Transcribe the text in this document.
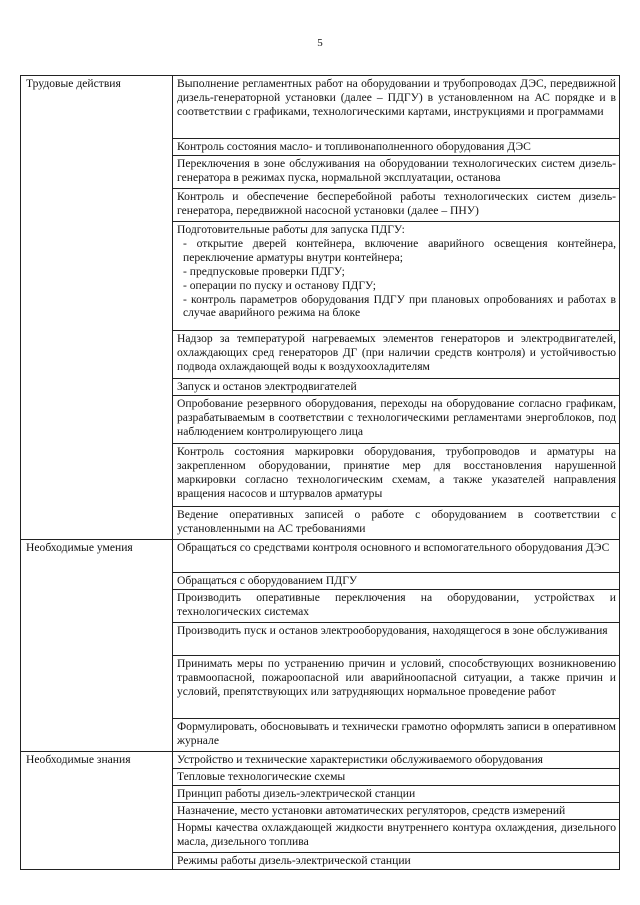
5
Трудовые действия	Выполнение регламентных работ на оборудовании и трубопроводах ДЭС, передвижной дизель-генераторной установки (далее – ПДГУ) в установленном на АС порядке и в соответствии с графиками, технологическими картами, инструкциями и программами
	Контроль состояния масло- и топливонаполненного оборудования ДЭС
	Переключения в зоне обслуживания на оборудовании технологических систем дизель-генератора в режимах пуска, нормальной эксплуатации, останова
	Контроль и обеспечение бесперебойной работы технологических систем дизель-генератора, передвижной насосной установки (далее – ПНУ)

	Подготовительные работы для запуска ПДГУ:
- открытие дверей контейнера, включение аварийного освещения контейнера, переключение арматуры внутри контейнера;
- предпусковые проверки ПДГУ;
- операции по пуску и останову ПДГУ;
- контроль параметров оборудования ПДГУ при плановых опробованиях и работах в случае аварийного режима на блоке

	Надзор за температурой нагреваемых элементов генераторов и электродвигателей, охлаждающих сред генераторов ДГ (при наличии средств контроля) и устойчивостью подвода охлаждающей воды к воздухоохладителям
	Запуск и останов электродвигателей
	Опробование резервного оборудования, переходы на оборудование согласно графикам, разрабатываемым в соответствии с технологическими регламентами энергоблоков, под наблюдением контролирующего лица
	Контроль состояния маркировки оборудования, трубопроводов и арматуры на закрепленном оборудовании, принятие мер для восстановления нарушенной маркировки согласно технологическим схемам, а также указателей направления вращения насосов и штурвалов арматуры
	Ведение оперативных записей о работе с оборудованием в соответствии с установленными на АС требованиями
Необходимые умения	Обращаться со средствами контроля основного и вспомогательного оборудования ДЭС
	Обращаться с оборудованием ПДГУ
	Производить оперативные переключения на оборудовании, устройствах и технологических системах
	Производить пуск и останов электрооборудования, находящегося в зоне обслуживания
	Принимать меры по устранению причин и условий, способствующих возникновению травмоопасной, пожароопасной или аварийноопасной ситуации, а также причин и условий, препятствующих или затрудняющих нормальное проведение работ
	Формулировать, обосновывать и технически грамотно оформлять записи в оперативном журнале
Необходимые знания	Устройство и технические характеристики обслуживаемого оборудования
	Тепловые технологические схемы
	Принцип работы дизель-электрической станции
	Назначение, место установки автоматических регуляторов, средств измерений
	Нормы качества охлаждающей жидкости внутреннего контура охлаждения, дизельного масла, дизельного топлива
	Режимы работы дизель-электрической станции
